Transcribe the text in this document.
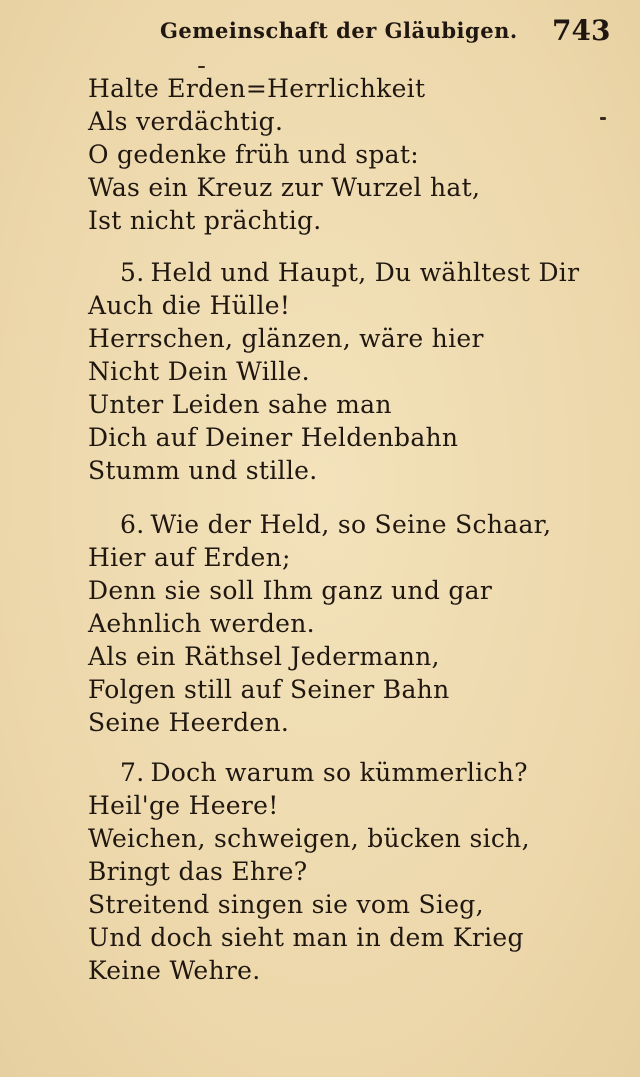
Gemeinschaft der Gläubigen. 743
Halte Erden=Herrlichkeit
Als verdächtig.
O gedenke früh und spat:
Was ein Kreuz zur Wurzel hat,
Ist nicht prächtig.
5. Held und Haupt, Du wähltest Dir
Auch die Hülle!
Herrschen, glänzen, wäre hier
Nicht Dein Wille.
Unter Leiden sahe man
Dich auf Deiner Heldenbahn
Stumm und stille.
6. Wie der Held, so Seine Schaar,
Hier auf Erden;
Denn sie soll Ihm ganz und gar
Aehnlich werden.
Als ein Räthsel Jedermann,
Folgen still auf Seiner Bahn
Seine Heerden.
7. Doch warum so kümmerlich?
Heil'ge Heere!
Weichen, schweigen, bücken sich,
Bringt das Ehre?
Streitend singen sie vom Sieg,
Und doch sieht man in dem Krieg
Keine Wehre.
